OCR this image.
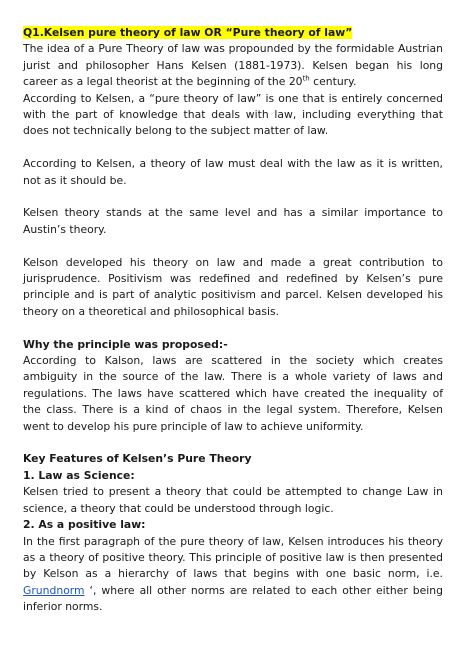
Q1.Kelsen pure theory of law OR “Pure theory of law”

The idea of a Pure Theory of law was propounded by the formidable Austrian jurist and philosopher Hans Kelsen (1881-1973). Kelsen began his long career as a legal theorist at the beginning of the 20th century.

According to Kelsen, a “pure theory of law” is one that is entirely concerned with the part of knowledge that deals with law, including everything that does not technically belong to the subject matter of law.

According to Kelsen, a theory of law must deal with the law as it is written, not as it should be.

Kelsen theory stands at the same level and has a similar importance to Austin’s theory.

Kelson developed his theory on law and made a great contribution to jurisprudence. Positivism was redefined and redefined by Kelsen’s pure principle and is part of analytic positivism and parcel. Kelsen developed his theory on a theoretical and philosophical basis.

Why the principle was proposed:-

According to Kalson, laws are scattered in the society which creates ambiguity in the source of the law. There is a whole variety of laws and regulations. The laws have scattered which have created the inequality of the class. There is a kind of chaos in the legal system. Therefore, Kelsen went to develop his pure principle of law to achieve uniformity.

Key Features of Kelsen’s Pure Theory

1. Law as Science:

Kelsen tried to present a theory that could be attempted to change Law in science, a theory that could be understood through logic.

2. As a positive law:

In the first paragraph of the pure theory of law, Kelsen introduces his theory as a theory of positive theory. This principle of positive law is then presented by Kelson as a hierarchy of laws that begins with one basic norm, i.e. Grundnorm ‘, where all other norms are related to each other either being inferior norms.
